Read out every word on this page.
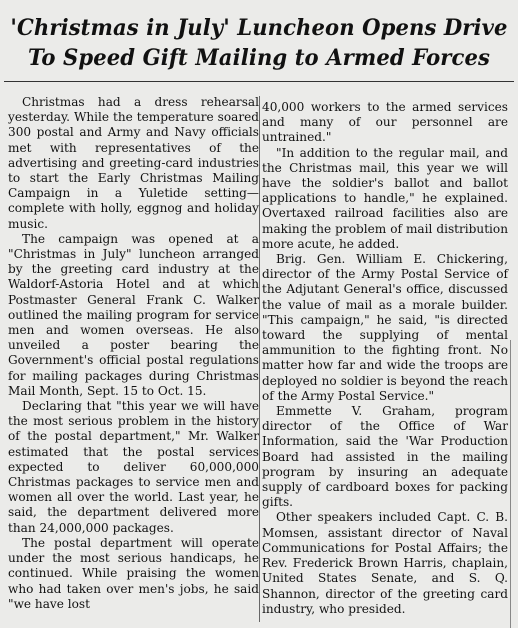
'Christmas in July' Luncheon Opens Drive
To Speed Gift Mailing to Armed Forces

Christmas had a dress rehearsal yesterday. While the temperature soared 300 postal and Army and Navy officials met with representatives of the advertising and greeting-card industries to start the Early Christmas Mailing Campaign in a Yuletide setting—complete with holly, eggnog and holiday music.

The campaign was opened at a "Christmas in July" luncheon arranged by the greeting card industry at the Waldorf-Astoria Hotel and at which Postmaster General Frank C. Walker outlined the mailing program for service men and women overseas. He also unveiled a poster bearing the Government's official postal regulations for mailing packages during Christmas Mail Month, Sept. 15 to Oct. 15.

Declaring that "this year we will have the most serious problem in the history of the postal department," Mr. Walker estimated that the postal services expected to deliver 60,000,000 Christmas packages to service men and women all over the world. Last year, he said, the department delivered more than 24,000,000 packages.

The postal department will operate under the most serious handicaps, he continued. While praising the women who had taken over men's jobs, he said "we have lost

40,000 workers to the armed services and many of our personnel are untrained."

"In addition to the regular mail, and the Christmas mail, this year we will have the soldier's ballot and ballot applications to handle," he explained. Overtaxed railroad facilities also are making the problem of mail distribution more acute, he added.

Brig. Gen. William E. Chickering, director of the Army Postal Service of the Adjutant General's office, discussed the value of mail as a morale builder. "This campaign," he said, "is directed toward the supplying of mental ammunition to the fighting front. No matter how far and wide the troops are deployed no soldier is beyond the reach of the Army Postal Service."

Emmette V. Graham, program director of the Office of War Information, said the 'War Production Board had assisted in the mailing program by insuring an adequate supply of cardboard boxes for packing gifts.

Other speakers included Capt. C. B. Momsen, assistant director of Naval Communications for Postal Affairs; the Rev. Frederick Brown Harris, chaplain, United States Senate, and S. Q. Shannon, director of the greeting card industry, who presided.
